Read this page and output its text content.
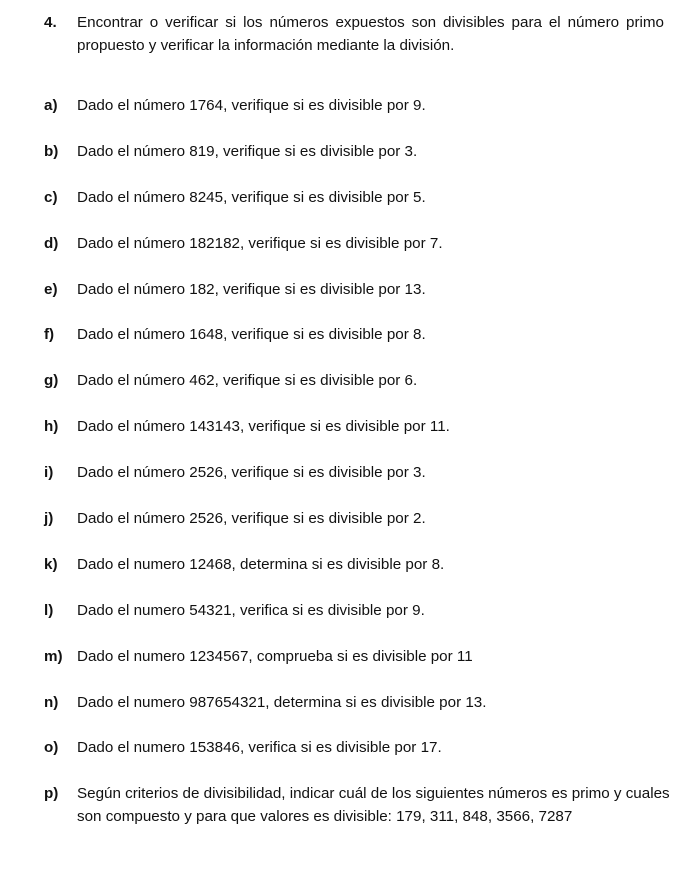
4. Encontrar o verificar si los números expuestos son divisibles para el número primo propuesto y verificar la información mediante la división.
a) Dado el número 1764, verifique si es divisible por 9.
b) Dado el número 819, verifique si es divisible por 3.
c) Dado el número 8245, verifique si es divisible por 5.
d) Dado el número 182182, verifique si es divisible por 7.
e) Dado el número 182, verifique si es divisible por 13.
f) Dado el número 1648, verifique si es divisible por 8.
g) Dado el número 462, verifique si es divisible por 6.
h) Dado el número 143143, verifique si es divisible por 11.
i) Dado el número 2526, verifique si es divisible por 3.
j) Dado el número 2526, verifique si es divisible por 2.
k) Dado el numero 12468, determina si es divisible por 8.
l) Dado el numero 54321, verifica si es divisible por 9.
m) Dado el numero 1234567, comprueba si es divisible por 11
n) Dado el numero 987654321, determina si es divisible por 13.
o) Dado el numero 153846, verifica si es divisible por 17.
p) Según criterios de divisibilidad, indicar cuál de los siguientes números es primo y cuales son compuesto y para que valores es divisible: 179, 311, 848, 3566, 7287
